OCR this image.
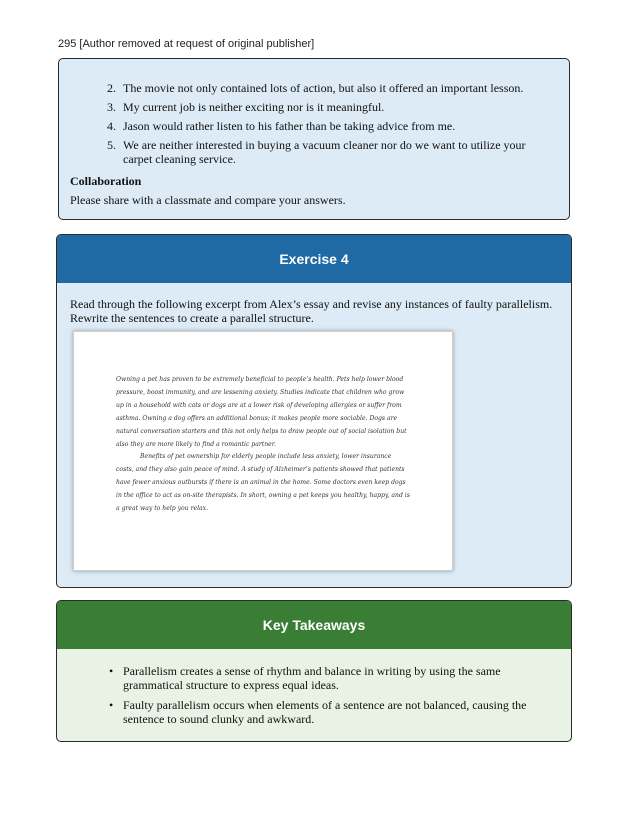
295 [Author removed at request of original publisher]
2. The movie not only contained lots of action, but also it offered an important lesson.
3. My current job is neither exciting nor is it meaningful.
4. Jason would rather listen to his father than be taking advice from me.
5. We are neither interested in buying a vacuum cleaner nor do we want to utilize your carpet cleaning service.
Collaboration
Please share with a classmate and compare your answers.
Exercise 4
Read through the following excerpt from Alex’s essay and revise any instances of faulty parallelism. Rewrite the sentences to create a parallel structure.

Owning a pet has proven to be extremely beneficial to people’s health. Pets help lower blood pressure, boost immunity, and are lessening anxiety. Studies indicate that children who grow up in a household with cats or dogs are at a lower risk of developing allergies or suffer from asthma. Owning a dog offers an additional bonus; it makes people more sociable. Dogs are natural conversation starters and this not only helps to draw people out of social isolation but also they are more likely to find a romantic partner.

Benefits of pet ownership for elderly people include less anxiety, lower insurance costs, and they also gain peace of mind. A study of Alzheimer’s patients showed that patients have fewer anxious outbursts if there is an animal in the home. Some doctors even keep dogs in the office to act as on-site therapists. In short, owning a pet keeps you healthy, happy, and is a great way to help you relax.

Key Takeaways
• Parallelism creates a sense of rhythm and balance in writing by using the same grammatical structure to express equal ideas.
• Faulty parallelism occurs when elements of a sentence are not balanced, causing the sentence to sound clunky and awkward.
